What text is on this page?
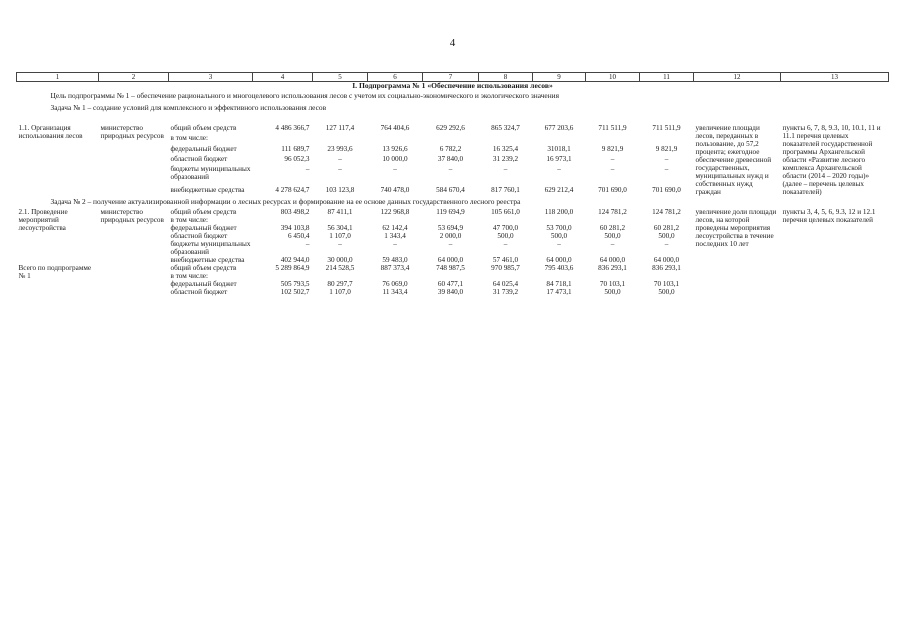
4
1	2	3	4	5	6	7	8	9	10	11	12	13
I. Подпрограмма № 1 «Обеспечение использования лесов»												
Цель подпрограммы № 1 – обеспечение рационального и многоцелевого использования лесов с учетом их социально-экономического и экологического значения												
Задача № 1 – создание условий для комплексного и эффективного использования лесов												

1.1. Организация использования лесов	министерство природных ресурсов	общий объем средств	4 486 366,7	127 117,4	764 404,6	629 292,6	865 324,7	677 203,6	711 511,9	711 511,9	увеличение площади лесов, переданных в пользование, до 57,2 процента; ежегодное обеспечение древесиной государственных, муниципальных нужд и собственных нужд граждан	пункты 6, 7, 8, 9.3, 10, 10.1, 11 и 11.1 перечня целевых показателей государственной программы Архангельской области «Развитие лесного комплекса Архангельской области (2014 – 2020 годы)» (далее – перечень целевых показателей)
		в том числе:										
		федеральный бюджет	111 689,7	23 993,6	13 926,6	6 782,2	16 325,4	31018,1	9 821,9	9 821,9		
		областной бюджет	96 052,3	–	10 000,0	37 840,0	31 239,2	16 973,1	–	–		
		бюджеты муниципальных образований	–	–	–	–	–	–	–	–		
		внебюджетные средства	4 278 624,7	103 123,8	740 478,0	584 670,4	817 760,1	629 212,4	701 690,0	701 690,0		
Задача № 2 – получение актуализированной информации о лесных ресурсах и формирование на ее основе данных государственного лесного реестра												
2.1. Проведение мероприятий лесоустройства	министерство природных ресурсов	общий объем средств	803 498,2	87 411,1	122 968,8	119 694,9	105 661,0	118 200,0	124 781,2	124 781,2	увеличение доли площади лесов, на которой проведены мероприятия лесоустройства в течение последних 10 лет	пункты 3, 4, 5, 6, 9.3, 12 и 12.1 перечня целевых показателей
		в том числе:										
		федеральный бюджет	394 103,8	56 304,1	62 142,4	53 694,9	47 700,0	53 700,0	60 281,2	60 281,2		
		областной бюджет	6 450,4	1 107,0	1 343,4	2 000,0	500,0	500,0	500,0	500,0		
		бюджеты муниципальных образований	–	–	–	–	–	–	–	–		
		внебюджетные средства	402 944,0	30 000,0	59 483,0	64 000,0	57 461,0	64 000,0	64 000,0	64 000,0		
Всего по подпрограмме № 1		общий объем средств	5 289 864,9	214 528,5	887 373,4	748 987,5	970 985,7	795 403,6	836 293,1	836 293,1		
		в том числе:										
		федеральный бюджет	505 793,5	80 297,7	76 069,0	60 477,1	64 025,4	84 718,1	70 103,1	70 103,1		
		областной бюджет	102 502,7	1 107,0	11 343,4	39 840,0	31 739,2	17 473,1	500,0	500,0		
